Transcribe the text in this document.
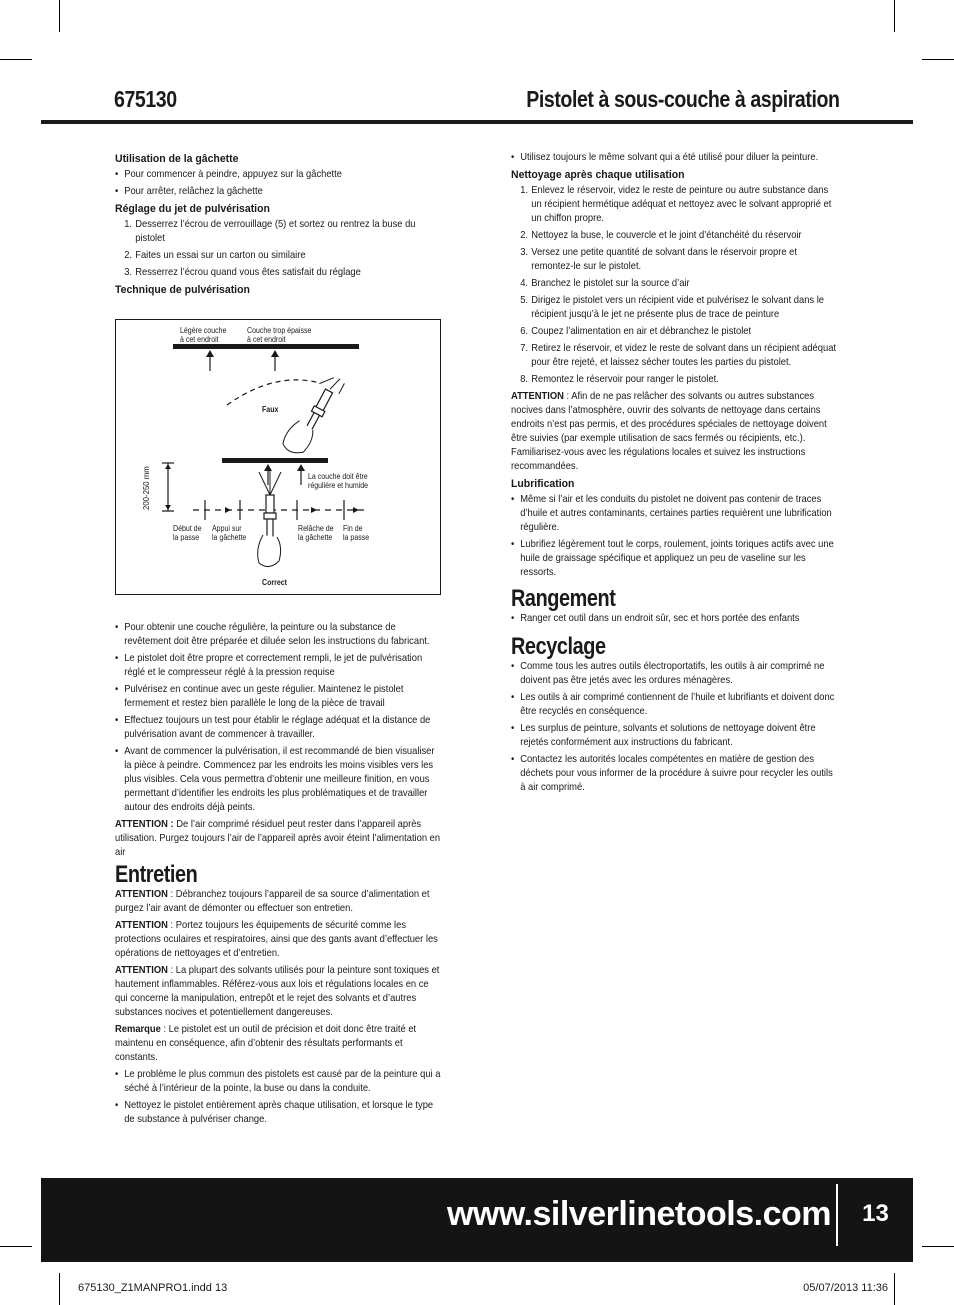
675130	Pistolet à sous-couche à aspiration
Utilisation de la gâchette
• Pour commencer à peindre, appuyez sur la gâchette
• Pour arrêter, relâchez la gâchette
Réglage du jet de pulvérisation
1. Desserrez l’écrou de verrouillage (5) et sortez ou rentrez la buse du pistolet
2. Faites un essai sur un carton ou similaire
3. Resserrez l’écrou quand vous êtes satisfait du réglage
Technique de pulvérisation
Légère couche
à cet endroit
Couche trop épaisse
à cet endroit
Faux
200-250 mm	La couche doit être
régulière et humide
Début de
la passe
Appui sur
la gâchette
Relâche de
la gâchette
Fin de
la passe
Correct
• Pour obtenir une couche régulière, la peinture ou la substance de revêtement doit être préparée et diluée selon les instructions du fabricant.
• Le pistolet doit être propre et correctement rempli, le jet de pulvérisation réglé et le compresseur réglé à la pression requise
• Pulvérisez en continue avec un geste régulier. Maintenez le pistolet fermement et restez bien parallèle le long de la pièce de travail
• Effectuez toujours un test pour établir le réglage adéquat et la distance de pulvérisation avant de commencer à travailler.
• Avant de commencer la pulvérisation, il est recommandé de bien visualiser la pièce à peindre. Commencez par les endroits les moins visibles vers les plus visibles. Cela vous permettra d’obtenir une meilleure finition, en vous permettant d’identifier les endroits les plus problématiques et de travailler autour des endroits déjà peints.

ATTENTION : De l’air comprimé résiduel peut rester dans l’appareil après utilisation. Purgez toujours l’air de l’appareil après avoir éteint l’alimentation en air

Entretien

ATTENTION : Débranchez toujours l’appareil de sa source d’alimentation et purgez l’air avant de démonter ou effectuer son entretien.

ATTENTION : Portez toujours les équipements de sécurité comme les protections oculaires et respiratoires, ainsi que des gants avant d’effectuer les opérations de nettoyages et d’entretien.

ATTENTION : La plupart des solvants utilisés pour la peinture sont toxiques et hautement inflammables. Référez-vous aux lois et régulations locales en ce qui concerne la manipulation, entrepôt et le rejet des solvants et d’autres substances nocives et potentiellement dangereuses.

Remarque : Le pistolet est un outil de précision et doit donc être traité et maintenu en conséquence, afin d’obtenir des résultats performants et constants.

• Le problème le plus commun des pistolets est causé par de la peinture qui a séché à l’intérieur de la pointe, la buse ou dans la conduite.
• Nettoyez le pistolet entièrement après chaque utilisation, et lorsque le type de substance à pulvériser change.
• Utilisez toujours le même solvant qui a été utilisé pour diluer la peinture.
Nettoyage après chaque utilisation
1. Enlevez le réservoir, videz le reste de peinture ou autre substance dans un récipient hermétique adéquat et nettoyez avec le solvant approprié et un chiffon propre.
2. Nettoyez la buse, le couvercle et le joint d’étanchéité du réservoir
3. Versez une petite quantité de solvant dans le réservoir propre et remontez-le sur le pistolet.
4. Branchez le pistolet sur la source d’air
5. Dirigez le pistolet vers un récipient vide et pulvérisez le solvant dans le récipient jusqu’à le jet ne présente plus de trace de peinture
6. Coupez l’alimentation en air et débranchez le pistolet
7. Retirez le réservoir, et videz le reste de solvant dans un récipient adéquat pour être rejeté, et laissez sécher toutes les parties du pistolet.
8. Remontez le réservoir pour ranger le pistolet.

ATTENTION : Afin de ne pas relâcher des solvants ou autres substances nocives dans l’atmosphère, ouvrir des solvants de nettoyage dans certains endroits n’est pas permis, et des procédures spéciales de nettoyage doivent être suivies (par exemple utilisation de sacs fermés ou récipients, etc.). Familiarisez-vous avec les régulations locales et suivez les instructions recommandées.

Lubrification
• Même si l’air et les conduits du pistolet ne doivent pas contenir de traces d’huile et autres contaminants, certaines parties requièrent une lubrification régulière.
• Lubrifiez légèrement tout le corps, roulement, joints toriques actifs avec une huile de graissage spécifique et appliquez un peu de vaseline sur les ressorts.
Rangement
• Ranger cet outil dans un endroit sûr, sec et hors portée des enfants
Recyclage
• Comme tous les autres outils électroportatifs, les outils à air comprimé ne doivent pas être jetés avec les ordures ménagères.
• Les outils à air comprimé contiennent de l’huile et lubrifiants et doivent donc être recyclés en conséquence.
• Les surplus de peinture, solvants et solutions de nettoyage doivent être rejetés conformément aux instructions du fabricant.
• Contactez les autorités locales compétentes en matière de gestion des déchets pour vous informer de la procédure à suivre pour recycler les outils à air comprimé.
www.silverlinetools.com	13
675130_Z1MANPRO1.indd 13	05/07/2013 11:36
